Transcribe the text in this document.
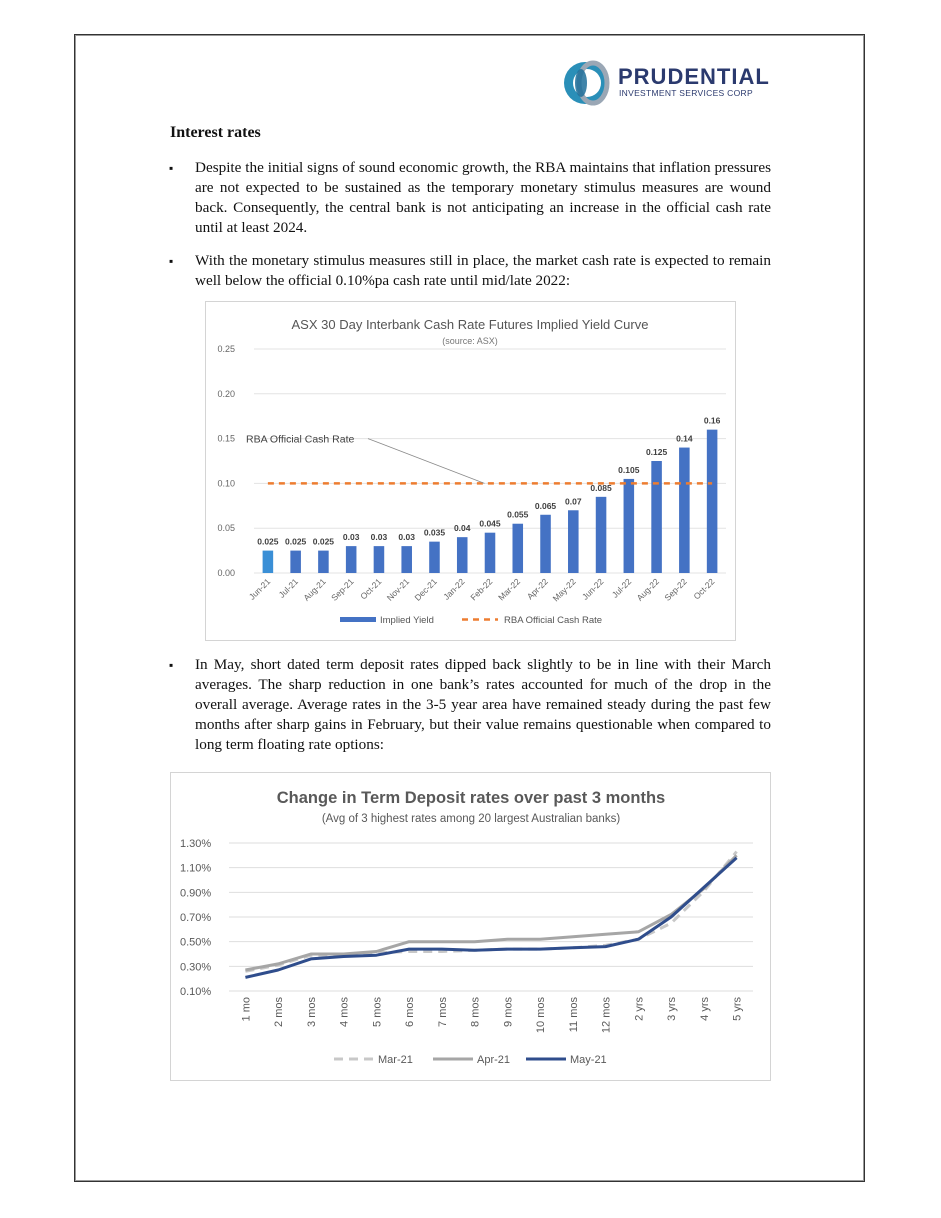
PRUDENTIAL
INVESTMENT SERVICES CORP
Interest rates
▪ Despite the initial signs of sound economic growth, the RBA maintains that inflation pressures are not expected to be sustained as the temporary monetary stimulus measures are wound back. Consequently, the central bank is not anticipating an increase in the official cash rate until at least 2024.
▪ With the monetary stimulus measures still in place, the market cash rate is expected to remain well below the official 0.10%pa cash rate until mid/late 2022:
ASX 30 Day Interbank Cash Rate Futures Implied Yield Curve
(source: ASX)
0.00
0.05
0.10
0.15
0.20
0.25
0.025
Jun-21
0.025
Jul-21
0.025
Aug-21
0.03
Sep-21
0.03
Oct-21
0.03
Nov-21
0.035
Dec-21
0.04
Jan-22
0.045
Feb-22
0.055
Mar-22
0.065
Apr-22
0.07
May-22
0.085
Jun-22
0.105
Jul-22
0.125
Aug-22
0.14
Sep-22
0.16
Oct-22
RBA Official Cash Rate
Implied Yield	RBA Official Cash Rate
▪ In May, short dated term deposit rates dipped back slightly to be in line with their March averages. The sharp reduction in one bank’s rates accounted for much of the drop in the overall average. Average rates in the 3-5 year area have remained steady during the past few months after sharp gains in February, but their value remains questionable when compared to long term floating rate options:
Change in Term Deposit rates over past 3 months
(Avg of 3 highest rates among 20 largest Australian banks)
0.10%
0.30%
0.50%
0.70%
0.90%
1.10%
1.30%
1 mo 2 mos 3 mos 4 mos 5 mos 6 mos 7 mos 8 mos 9 mos 10 mos 11 mos 12 mos 2 yrs 3 yrs 4 yrs 5 yrs
Mar-21	Apr-21	May-21
